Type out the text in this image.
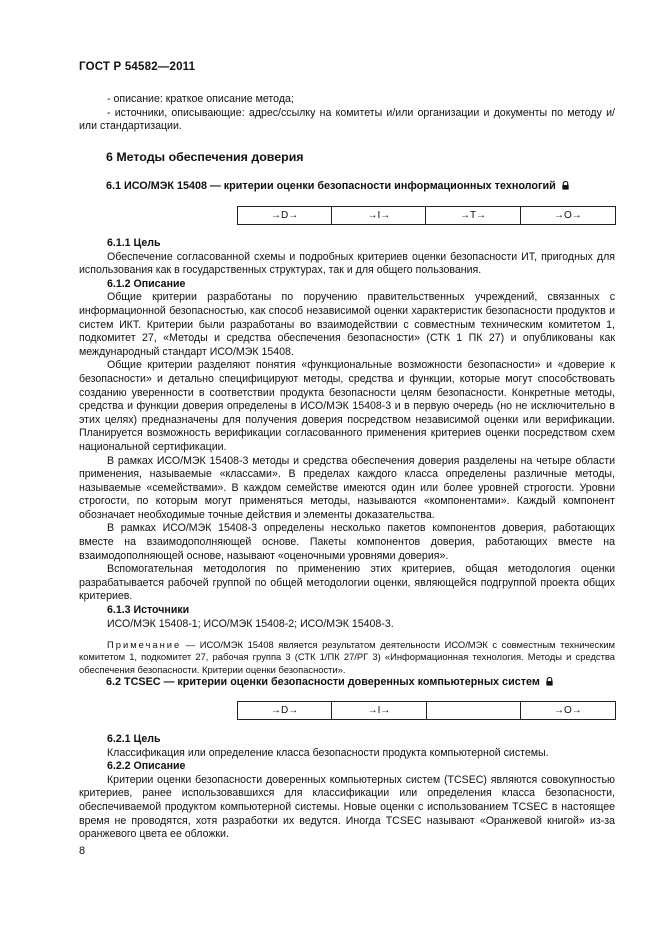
ГОСТ Р 54582—2011

- описание: краткое описание метода;

- источники, описывающие: адрес/ссылку на комитеты и/или организации и документы по методу и/или стандартизации.

6 Методы обеспечения доверия
6.1 ИСО/МЭК 15408 — критерии оценки безопасности информационных технологий
→D→	→I→	→T→	→O→

6.1.1 Цель

Обеспечение согласованной схемы и подробных критериев оценки безопасности ИТ, пригодных для использования как в государственных структурах, так и для общего пользования.

6.1.2 Описание

Общие критерии разработаны по поручению правительственных учреждений, связанных с информационной безопасностью, как способ независимой оценки характеристик безопасности продуктов и систем ИКТ. Критерии были разработаны во взаимодействии с совместным техническим комитетом 1, подкомитет 27, «Методы и средства обеспечения безопасности» (СТК 1 ПК 27) и опубликованы как международный стандарт ИСО/МЭК 15408.

Общие критерии разделяют понятия «функциональные возможности безопасности» и «доверие к безопасности» и детально специфицируют методы, средства и функции, которые могут способствовать созданию уверенности в соответствии продукта безопасности целям безопасности. Конкретные методы, средства и функции доверия определены в ИСО/МЭК 15408-3 и в первую очередь (но не исключительно в этих целях) предназначены для получения доверия посредством независимой оценки или верификации. Планируется возможность верификации согласованного применения критериев оценки посредством схем национальной сертификации.

В рамках ИСО/МЭК 15408-3 методы и средства обеспечения доверия разделены на четыре области применения, называемые «классами». В пределах каждого класса определены различные методы, называемые «семействами». В каждом семействе имеются один или более уровней строгости. Уровни строгости, по которым могут применяться методы, называются «компонентами». Каждый компонент обозначает необходимые точные действия и элементы доказательства.

В рамках ИСО/МЭК 15408-3 определены несколько пакетов компонентов доверия, работающих вместе на взаимодополняющей основе. Пакеты компонентов доверия, работающих вместе на взаимодополняющей основе, называют «оценочными уровнями доверия».

Вспомогательная методология по применению этих критериев, общая методология оценки разрабатывается рабочей группой по общей методологии оценки, являющейся подгруппой проекта общих критериев.

6.1.3 Источники

ИСО/МЭК 15408-1; ИСО/МЭК 15408-2; ИСО/МЭК 15408-3.

Примечание — ИСО/МЭК 15408 является результатом деятельности ИСО/МЭК с совместным техническим комитетом 1, подкомитет 27, рабочая группа 3 (СТК 1/ПК 27/РГ 3) «Информационная технология. Методы и средства обеспечения безопасности. Критерии оценки безопасности».

6.2 TCSEC — критерии оценки безопасности доверенных компьютерных систем
→D→	→I→		→O→

6.2.1 Цель

Классификация или определение класса безопасности продукта компьютерной системы.

6.2.2 Описание

Критерии оценки безопасности доверенных компьютерных систем (TCSEC) являются совокупностью критериев, ранее использовавшихся для классификации или определения класса безопасности, обеспечиваемой продуктом компьютерной системы. Новые оценки с использованием TCSEC в настоящее время не проводятся, хотя разработки их ведутся. Иногда TCSEC называют «Оранжевой книгой» из-за оранжевого цвета ее обложки.

8
